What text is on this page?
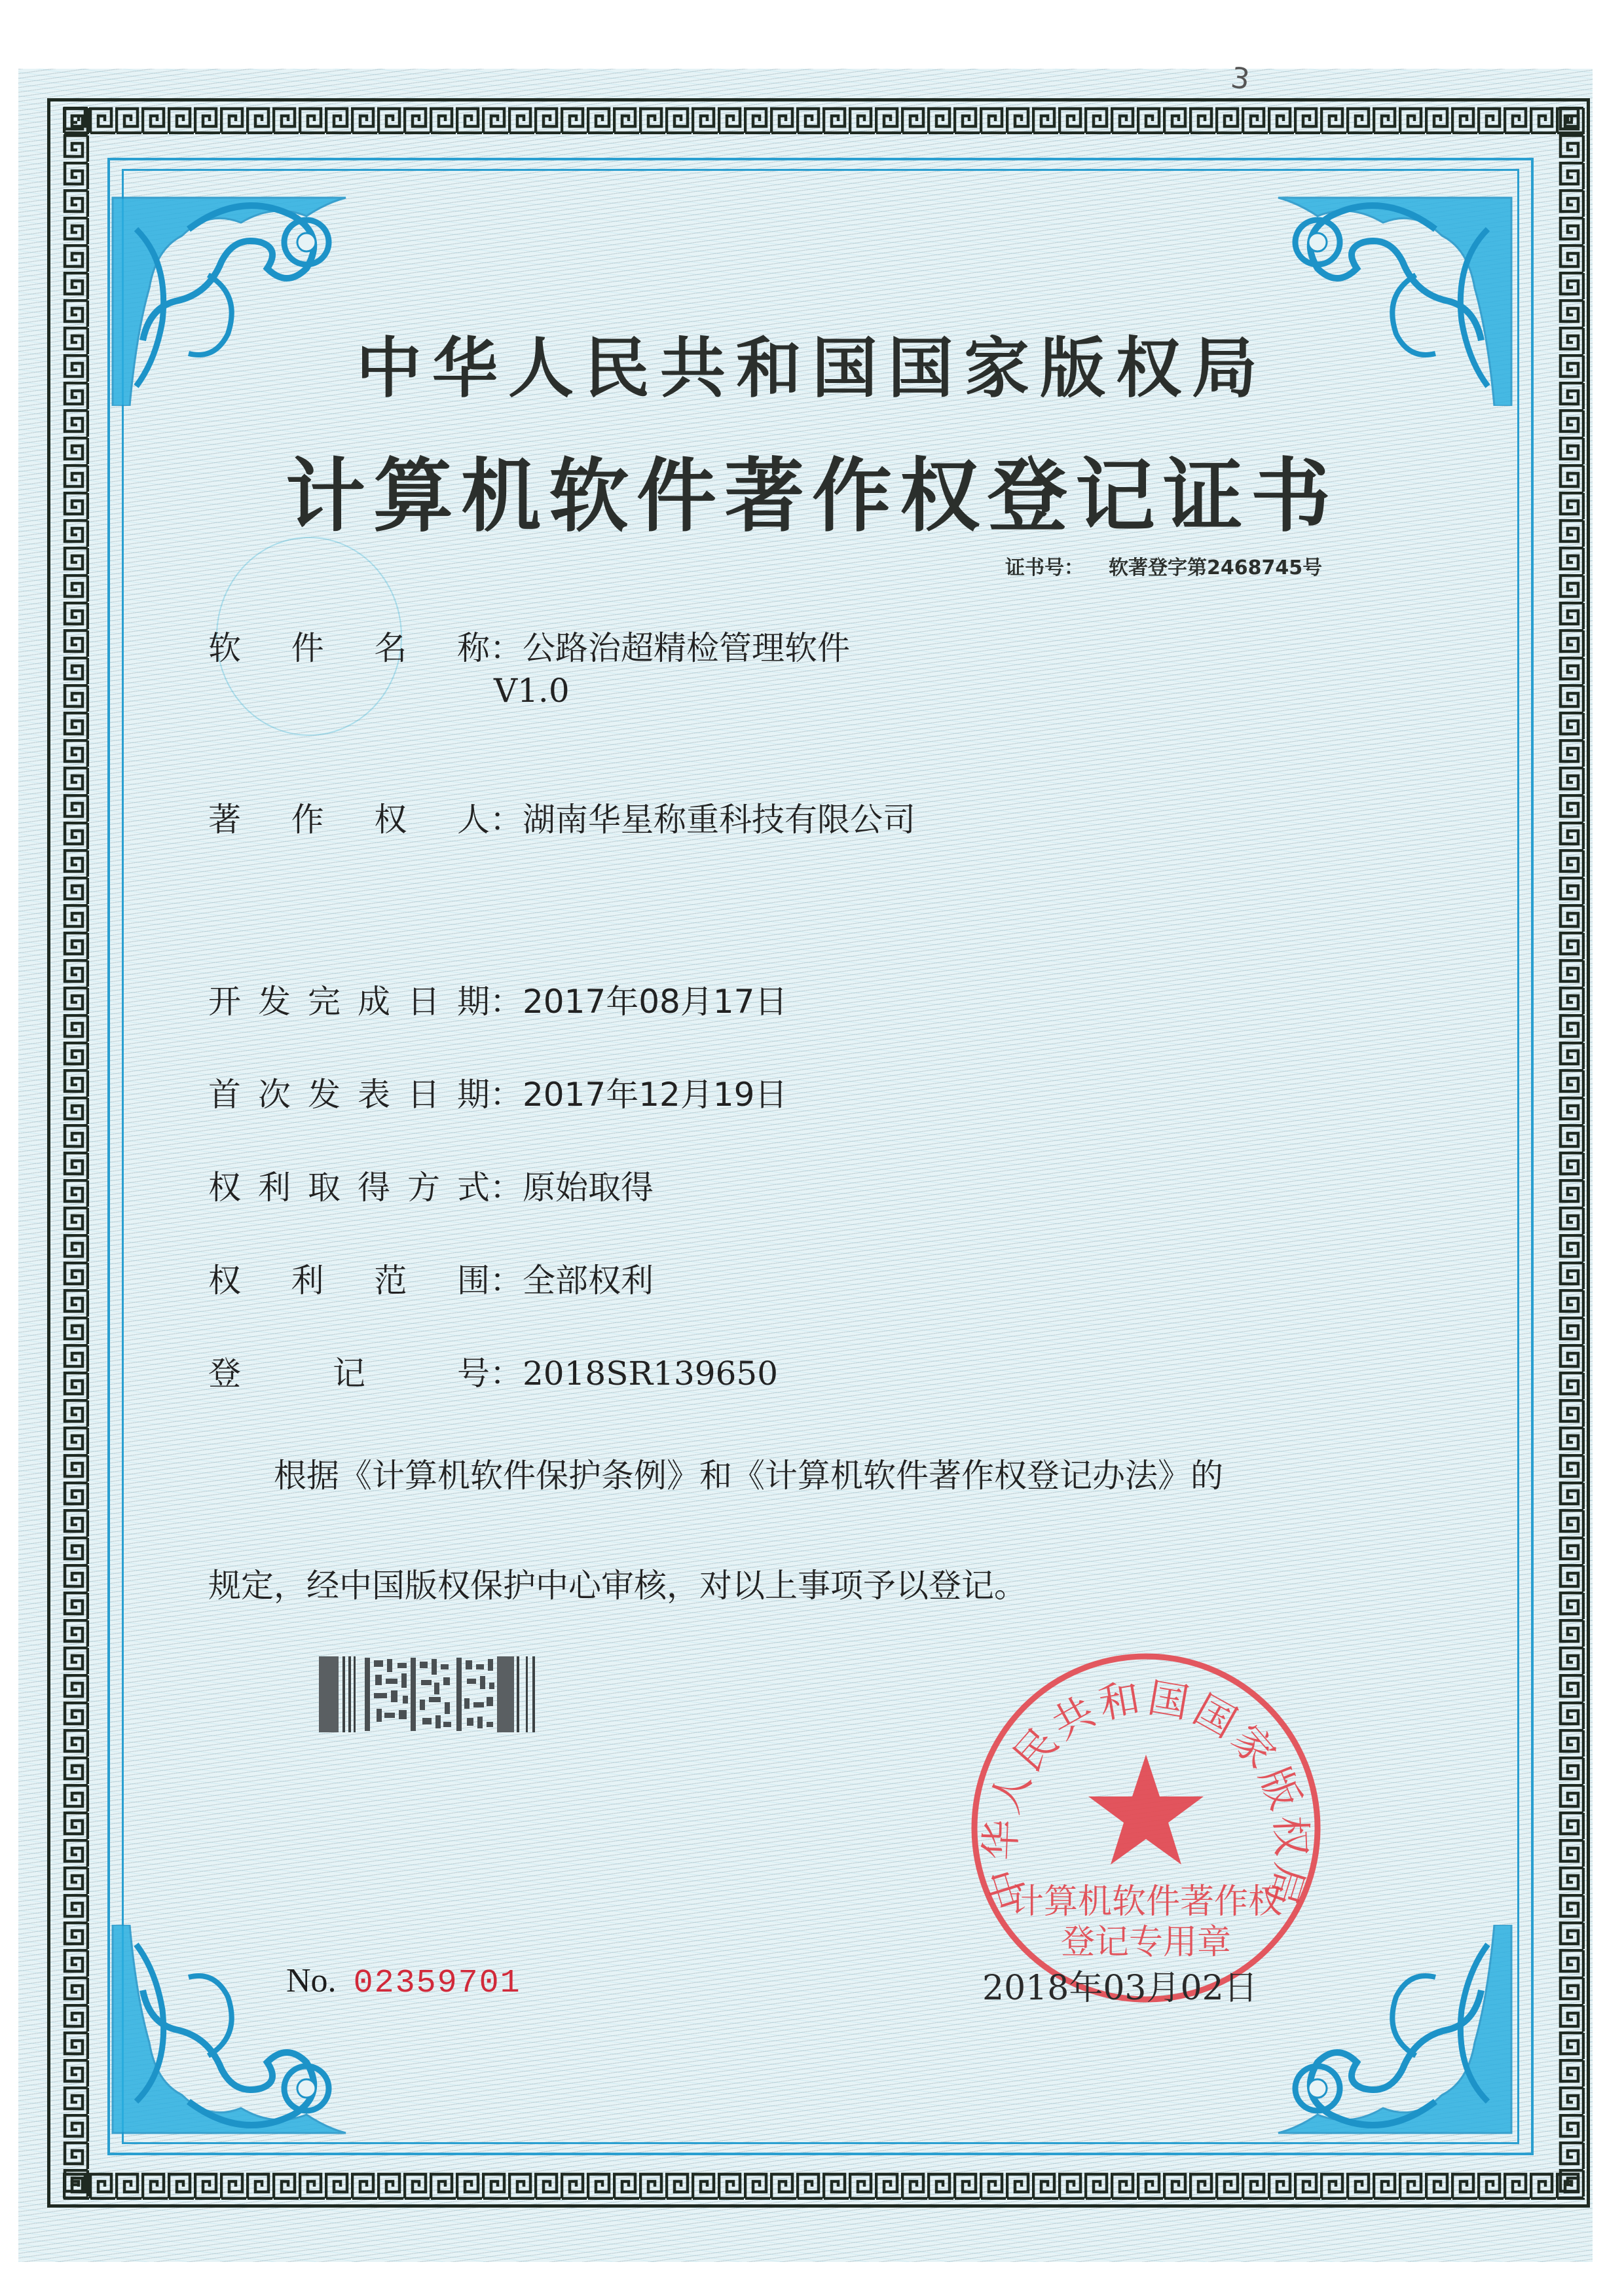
3
中华人民共和国国家版权局
计算机软件著作权登记证书
证书号： 软著登字第2468745号
软件名称：公路治超精检管理软件
V1.0
著作权人：湖南华星称重科技有限公司
开发完成日期：2017年08月17日
首次发表日期：2017年12月19日
权利取得方式：原始取得
权利范围：全部权利
登记号：2018SR139650
根据《计算机软件保护条例》和《计算机软件著作权登记办法》的
规定，经中国版权保护中心审核，对以上事项予以登记。
No. 02359701
中华人民共和国国家版权局
计算机软件著作权
登记专用章
2018年03月02日
